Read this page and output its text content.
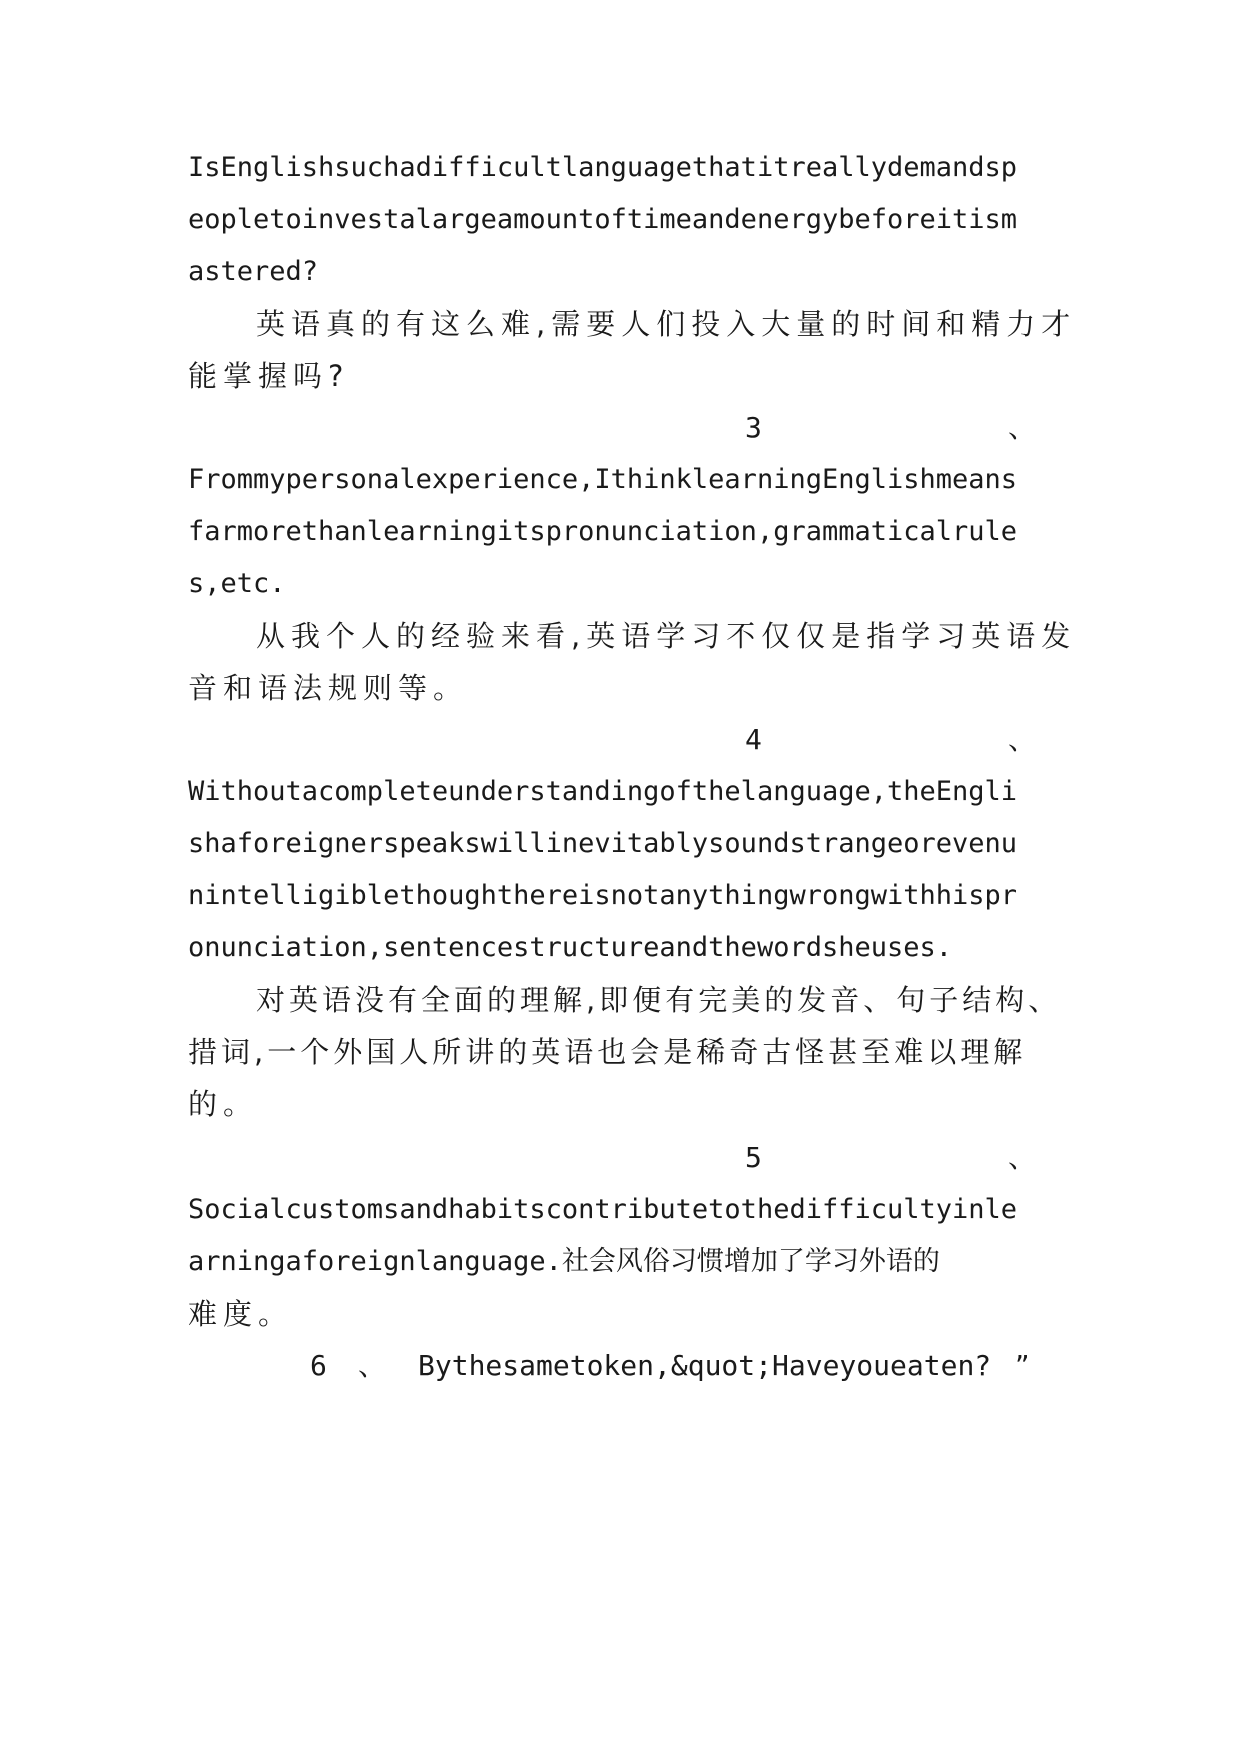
IsEnglishsuchadifficultlanguagethatitreallydemandsp
eopletoinvestalargeamountoftimeandenergybeforeitism
astered?
英语真的有这么难,需要人们投入大量的时间和精力才
能掌握吗?
3	、
Frommypersonalexperience,IthinklearningEnglishmeans
farmorethanlearningitspronunciation,grammaticalrule
s,etc.
从我个人的经验来看,英语学习不仅仅是指学习英语发
音和语法规则等。
4	、
Withoutacompleteunderstandingofthelanguage,theEngli
shaforeignerspeakswillinevitablysoundstrangeorevenu
nintelligiblethoughthereisnotanythingwrongwithhispr
onunciation,sentencestructureandthewordsheuses.
对英语没有全面的理解,即便有完美的发音、句子结构、
措词,一个外国人所讲的英语也会是稀奇古怪甚至难以理解
的。
5	、
Socialcustomsandhabitscontributetothedifficultyinle
arningaforeignlanguage.社会风俗习惯增加了学习外语的
难度。
6 、 Bythesametoken,&quot;Haveyoueaten? ”
